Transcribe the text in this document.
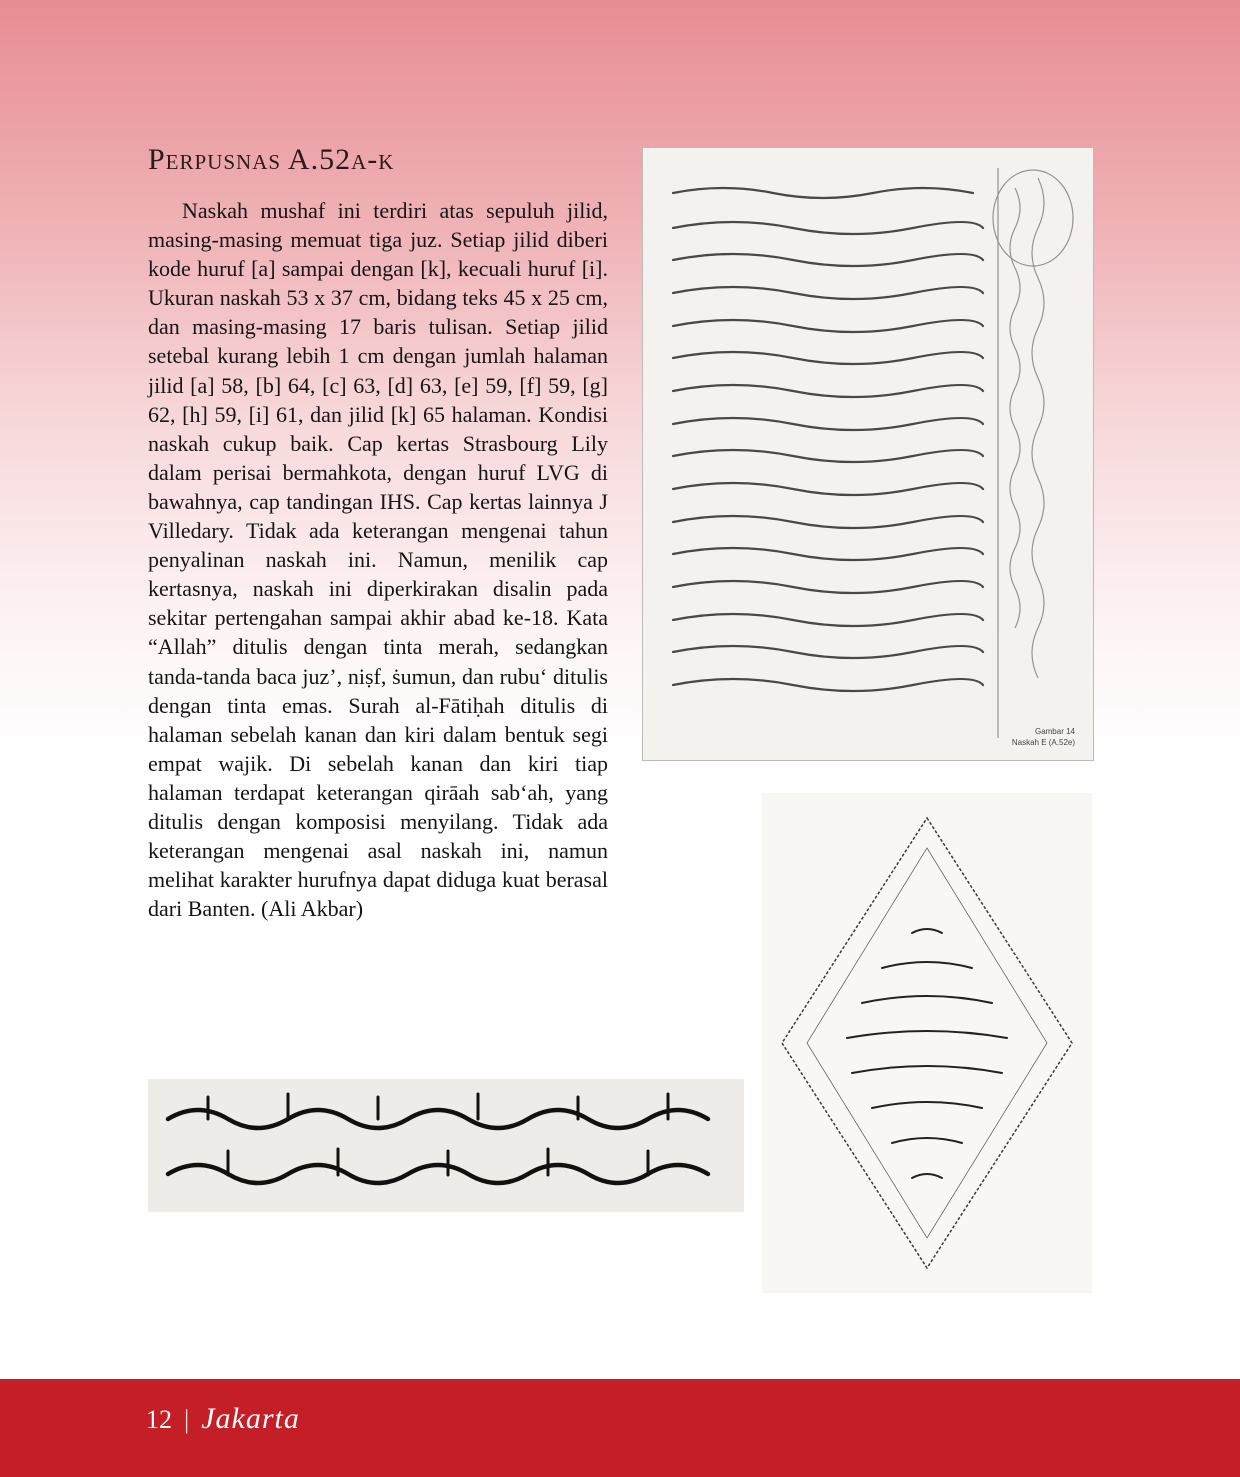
Perpusnas A.52a-k

Naskah mushaf ini terdiri atas sepuluh jilid, masing-masing memuat tiga juz. Setiap jilid diberi kode huruf [a] sampai dengan [k], kecuali huruf [i]. Ukuran naskah 53 x 37 cm, bidang teks 45 x 25 cm, dan masing-masing 17 baris tulisan. Setiap jilid setebal kurang lebih 1 cm dengan jumlah halaman jilid [a] 58, [b] 64, [c] 63, [d] 63, [e] 59, [f] 59, [g] 62, [h] 59, [i] 61, dan jilid [k] 65 halaman. Kondisi naskah cukup baik. Cap kertas Strasbourg Lily dalam perisai bermahkota, dengan huruf LVG di bawahnya, cap tandingan IHS. Cap kertas lainnya J Villedary. Tidak ada keterangan mengenai tahun penyalinan naskah ini. Namun, menilik cap kertasnya, naskah ini diperkirakan disalin pada sekitar pertengahan sampai akhir abad ke-18. Kata “Allah” ditulis dengan tinta merah, sedangkan tanda-tanda baca juz’, niṣf, ṡumun, dan rubu‘ ditulis dengan tinta emas. Surah al-Fātiḥah ditulis di halaman sebelah kanan dan kiri dalam bentuk segi empat wajik. Di sebelah kanan dan kiri tiap halaman terdapat keterangan qirāah sab‘ah, yang ditulis dengan komposisi menyilang. Tidak ada keterangan mengenai asal naskah ini, namun melihat karakter hurufnya dapat diduga kuat berasal dari Banten. (Ali Akbar)

Gambar 14
Naskah E (A.52e)
12 | Jakarta
